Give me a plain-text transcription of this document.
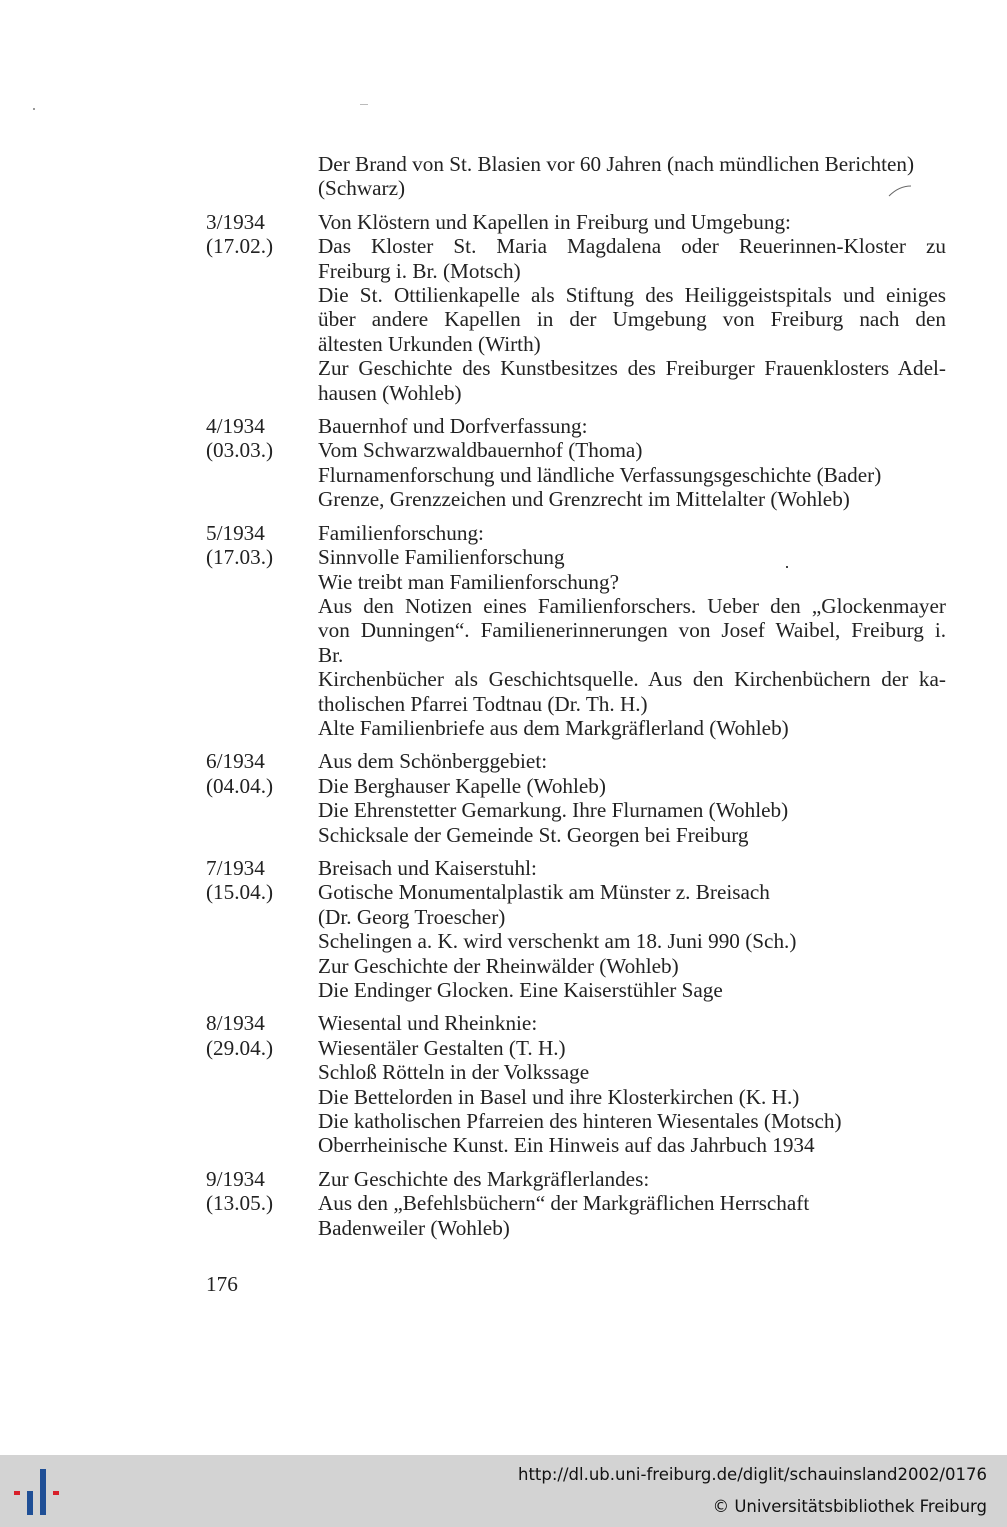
Der Brand von St. Blasien vor 60 Jahren (nach mündlichen Berichten)
(Schwarz)
3/1934
(17.02.)
Von Klöstern und Kapellen in Freiburg und Umgebung:
Das Kloster St. Maria Magdalena oder Reuerinnen-Kloster zu
Freiburg i. Br. (Motsch)
Die St. Ottilienkapelle als Stiftung des Heiliggeistspitals und einiges
über andere Kapellen in der Umgebung von Freiburg nach den
ältesten Urkunden (Wirth)
Zur Geschichte des Kunstbesitzes des Freiburger Frauenklosters Adel-
hausen (Wohleb)
4/1934
(03.03.)
Bauernhof und Dorfverfassung:
Vom Schwarzwaldbauernhof (Thoma)
Flurnamenforschung und ländliche Verfassungsgeschichte (Bader)
Grenze, Grenzzeichen und Grenzrecht im Mittelalter (Wohleb)
5/1934
(17.03.)
Familienforschung:
Sinnvolle Familienforschung
Wie treibt man Familienforschung?
Aus den Notizen eines Familienforschers. Ueber den „Glockenmayer
von Dunningen“. Familienerinnerungen von Josef Waibel, Freiburg i.
Br.
Kirchenbücher als Geschichtsquelle. Aus den Kirchenbüchern der ka-
tholischen Pfarrei Todtnau (Dr. Th. H.)
Alte Familienbriefe aus dem Markgräflerland (Wohleb)
6/1934
(04.04.)
Aus dem Schönberggebiet:
Die Berghauser Kapelle (Wohleb)
Die Ehrenstetter Gemarkung. Ihre Flurnamen (Wohleb)
Schicksale der Gemeinde St. Georgen bei Freiburg
7/1934
(15.04.)
Breisach und Kaiserstuhl:
Gotische Monumentalplastik am Münster z. Breisach
(Dr. Georg Troescher)
Schelingen a. K. wird verschenkt am 18. Juni 990 (Sch.)
Zur Geschichte der Rheinwälder (Wohleb)
Die Endinger Glocken. Eine Kaiserstühler Sage
8/1934
(29.04.)
Wiesental und Rheinknie:
Wiesentäler Gestalten (T. H.)
Schloß Rötteln in der Volkssage
Die Bettelorden in Basel und ihre Klosterkirchen (K. H.)
Die katholischen Pfarreien des hinteren Wiesentales (Motsch)
Oberrheinische Kunst. Ein Hinweis auf das Jahrbuch 1934
9/1934
(13.05.)
Zur Geschichte des Markgräflerlandes:
Aus den „Befehlsbüchern“ der Markgräflichen Herrschaft
Badenweiler (Wohleb)
176
http://dl.ub.uni-freiburg.de/diglit/schauinsland2002/0176
© Universitätsbibliothek Freiburg
